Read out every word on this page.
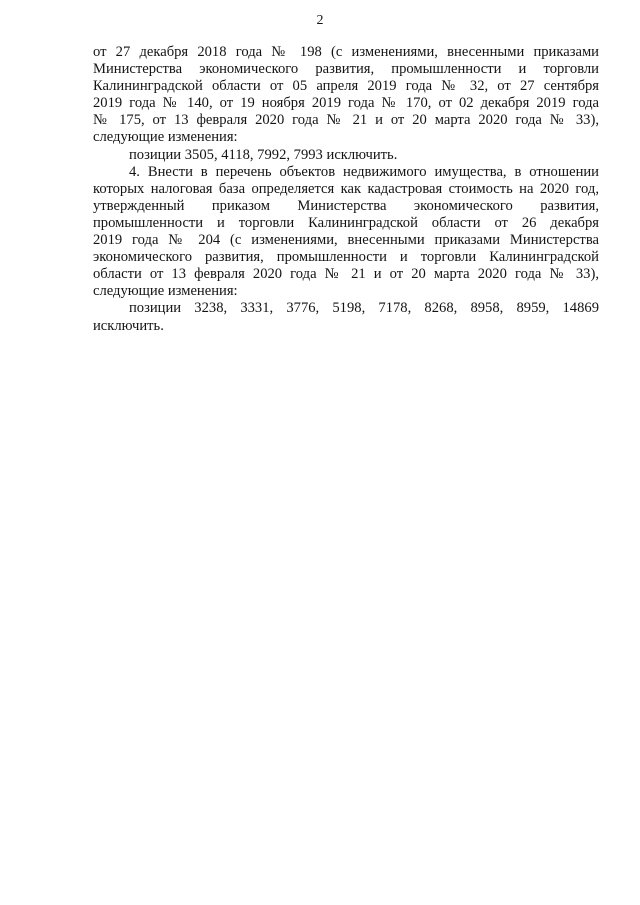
2
от 27 декабря 2018 года № 198 (с изменениями, внесенными приказами
Министерства экономического развития, промышленности и торговли
Калининградской области от 05 апреля 2019 года № 32, от 27 сентября
2019 года № 140, от 19 ноября 2019 года № 170, от 02 декабря 2019 года
№ 175, от 13 февраля 2020 года № 21 и от 20 марта 2020 года № 33),
следующие изменения:
позиции 3505, 4118, 7992, 7993 исключить.
4. Внести в перечень объектов недвижимого имущества, в отношении
которых налоговая база определяется как кадастровая стоимость на 2020 год,
утвержденный приказом Министерства экономического развития,
промышленности и торговли Калининградской области от 26 декабря
2019 года № 204 (с изменениями, внесенными приказами Министерства
экономического развития, промышленности и торговли Калининградской
области от 13 февраля 2020 года № 21 и от 20 марта 2020 года № 33),
следующие изменения:
позиции 3238, 3331, 3776, 5198, 7178, 8268, 8958, 8959, 14869
исключить.
